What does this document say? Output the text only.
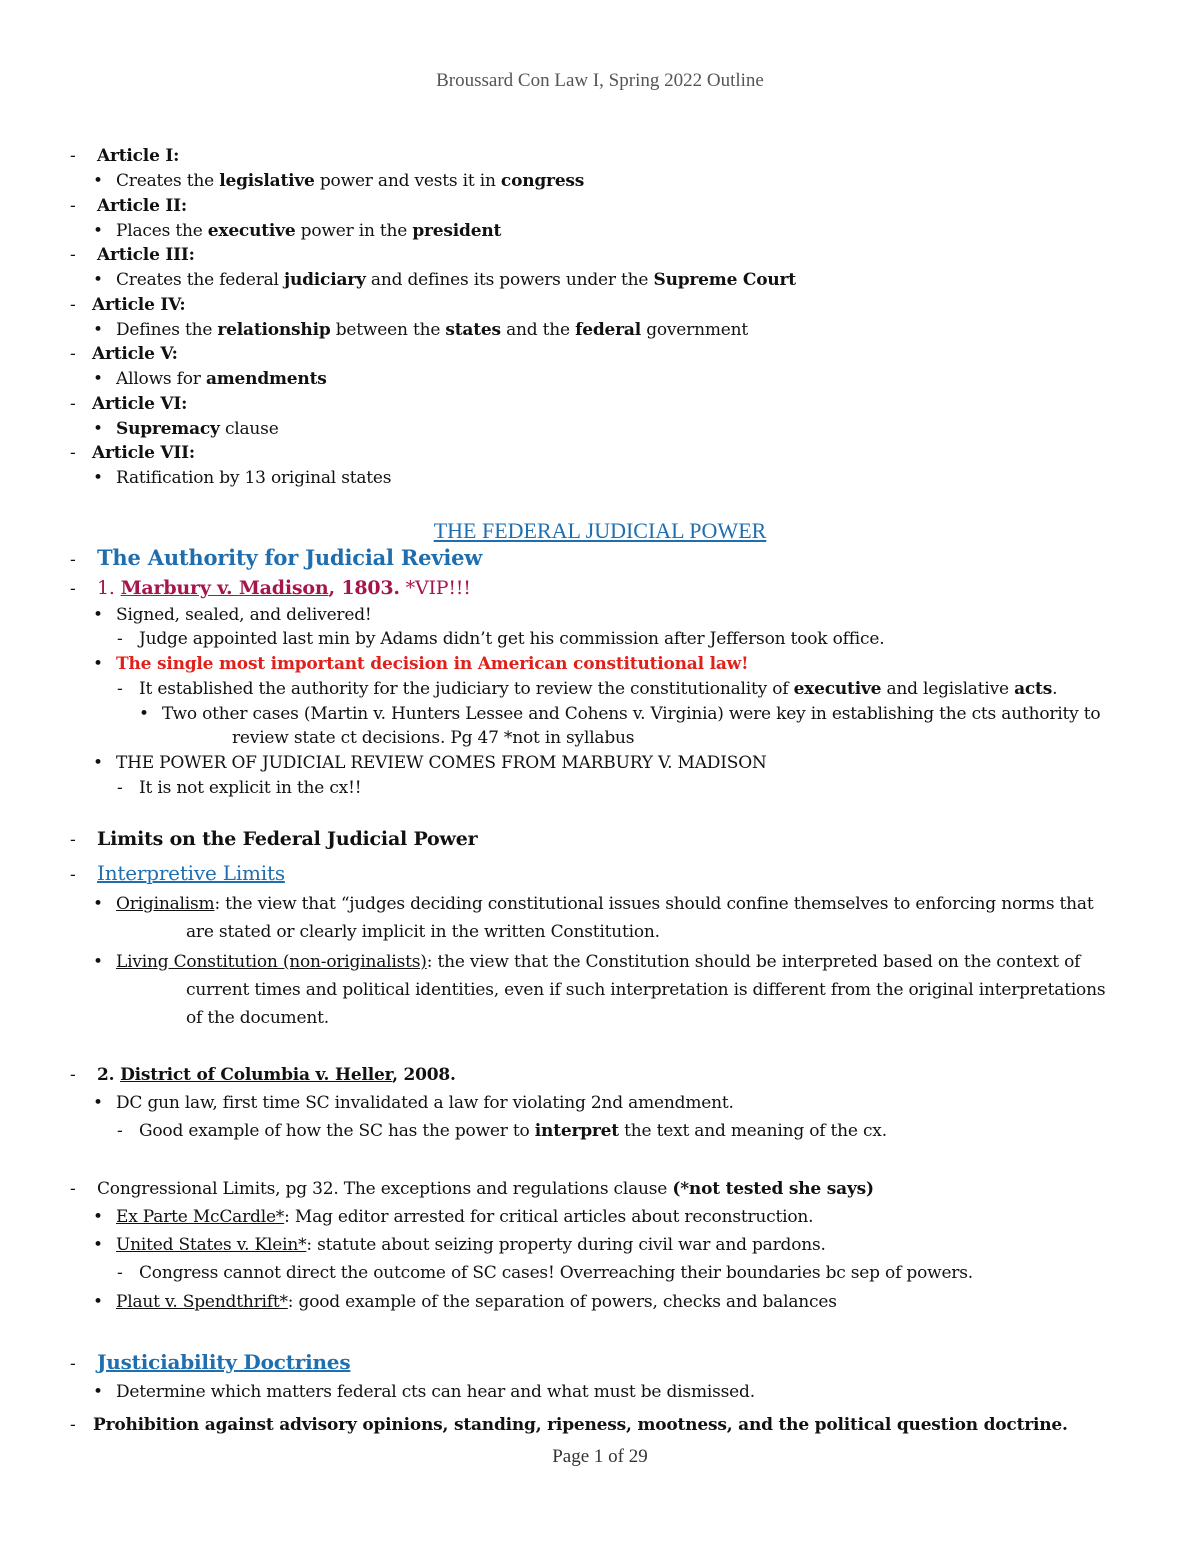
Broussard Con Law I, Spring 2022 Outline
- Article I:
• Creates the legislative power and vests it in congress
- Article II:
• Places the executive power in the president
- Article III:
• Creates the federal judiciary and defines its powers under the Supreme Court
- Article IV:
• Defines the relationship between the states and the federal government
- Article V:
• Allows for amendments
- Article VI:
• Supremacy clause
- Article VII:
• Ratification by 13 original states
THE FEDERAL JUDICIAL POWER
- The Authority for Judicial Review
- 1. Marbury v. Madison, 1803. *VIP!!!
• Signed, sealed, and delivered!
- Judge appointed last min by Adams didn’t get his commission after Jefferson took office.
• The single most important decision in American constitutional law!
- It established the authority for the judiciary to review the constitutionality of executive and legislative acts.
• Two other cases (Martin v. Hunters Lessee and Cohens v. Virginia) were key in establishing the cts authority to
review state ct decisions. Pg 47 *not in syllabus
• THE POWER OF JUDICIAL REVIEW COMES FROM MARBURY V. MADISON
- It is not explicit in the cx!!
- Limits on the Federal Judicial Power
- Interpretive Limits
• Originalism: the view that “judges deciding constitutional issues should confine themselves to enforcing norms that
are stated or clearly implicit in the written Constitution.
• Living Constitution (non-originalists): the view that the Constitution should be interpreted based on the context of
current times and political identities, even if such interpretation is different from the original interpretations
of the document.
- 2. District of Columbia v. Heller, 2008.
• DC gun law, first time SC invalidated a law for violating 2nd amendment.
- Good example of how the SC has the power to interpret the text and meaning of the cx.
- Congressional Limits, pg 32. The exceptions and regulations clause (*not tested she says)
• Ex Parte McCardle*: Mag editor arrested for critical articles about reconstruction.
• United States v. Klein*: statute about seizing property during civil war and pardons.
- Congress cannot direct the outcome of SC cases! Overreaching their boundaries bc sep of powers.
• Plaut v. Spendthrift*: good example of the separation of powers, checks and balances
- Justiciability Doctrines
• Determine which matters federal cts can hear and what must be dismissed.
- Prohibition against advisory opinions, standing, ripeness, mootness, and the political question doctrine.
Page 1 of 29
